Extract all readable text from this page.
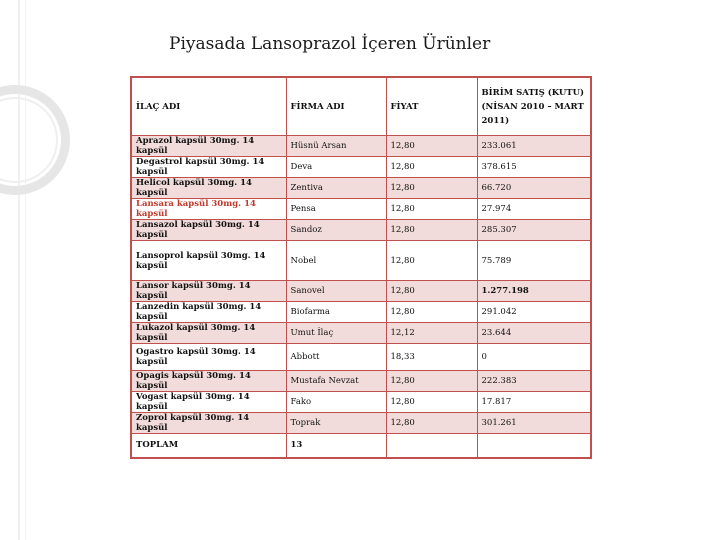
Piyasada Lansoprazol İçeren Ürünler
İLAÇ ADI	FİRMA ADI	FİYAT	BİRİM SATIŞ (KUTU) (NİSAN 2010 – MART 2011)
Aprazol kapsül 30mg. 14 kapsül	Hüsnü Arsan	12,80	233.061
Degastrol kapsül 30mg. 14 kapsül	Deva	12,80	378.615
Helicol kapsül 30mg. 14 kapsül	Zentiva	12,80	66.720
Lansara kapsül 30mg. 14 kapsül	Pensa	12,80	27.974
Lansazol kapsül 30mg. 14 kapsül	Sandoz	12,80	285.307
Lansoprol kapsül 30mg. 14 kapsül	Nobel	12,80	75.789
Lansor kapsül 30mg. 14 kapsül	Sanovel	12,80	1.277.198
Lanzedin kapsül 30mg. 14 kapsül	Biofarma	12,80	291.042
Lukazol kapsül 30mg. 14 kapsül	Umut İlaç	12,12	23.644
Ogastro kapsül 30mg. 14 kapsül	Abbott	18,33	0
Opagis kapsül 30mg. 14 kapsül	Mustafa Nevzat	12,80	222.383
Vogast kapsül 30mg. 14 kapsül	Fako	12,80	17.817
Zoprol kapsül 30mg. 14 kapsül	Toprak	12,80	301.261
TOPLAM	13		
